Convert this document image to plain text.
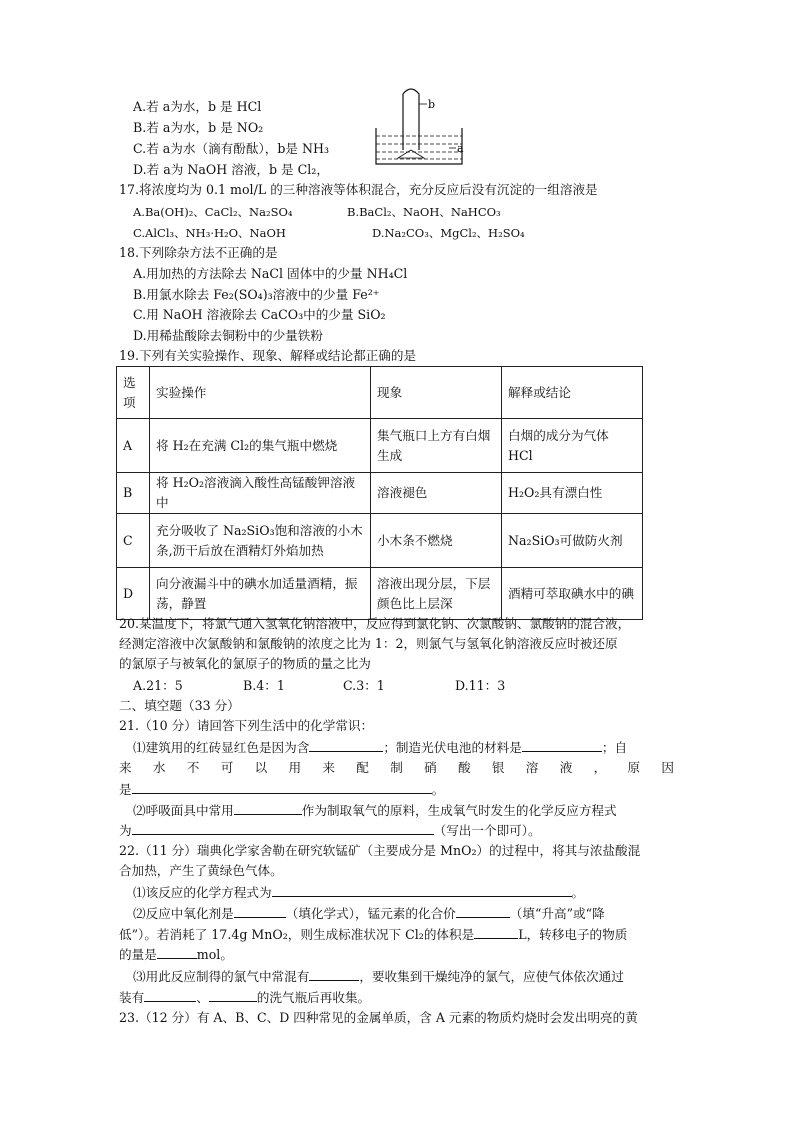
A.若 a为水，b 是 HCl
B.若 a为水，b 是 NO₂
C.若 a为水（滴有酚酞），b是 NH₃
D.若 a为 NaOH 溶液，b 是 Cl₂，
b
a
17.将浓度均为 0.1 mol/L 的三种溶液等体积混合，充分反应后没有沉淀的一组溶液是
A.Ba(OH)₂、CaCl₂、Na₂SO₄	B.BaCl₂、NaOH、NaHCO₃
C.AlCl₃、NH₃·H₂O、NaOH	D.Na₂CO₃、MgCl₂、H₂SO₄
18.下列除杂方法不正确的是
A.用加热的方法除去 NaCl 固体中的少量 NH₄Cl
B.用氯水除去 Fe₂(SO₄)₃溶液中的少量 Fe²⁺
C.用 NaOH 溶液除去 CaCO₃中的少量 SiO₂
D.用稀盐酸除去铜粉中的少量铁粉
19.下列有关实验操作、现象、解释或结论都正确的是
选项	实验操作	现象	解释或结论
A	将 H₂在充满 Cl₂的集气瓶中燃烧	集气瓶口上方有白烟生成	白烟的成分为气体 HCl
B	将 H₂O₂溶液滴入酸性高锰酸钾溶液中	溶液褪色	H₂O₂具有漂白性
C	充分吸收了 Na₂SiO₃饱和溶液的小木条,沥干后放在酒精灯外焰加热	小木条不燃烧	Na₂SiO₃可做防火剂
D	向分液漏斗中的碘水加适量酒精，振荡，静置	溶液出现分层，下层颜色比上层深	酒精可萃取碘水中的碘
20.某温度下，将氯气通入氢氧化钠溶液中，反应得到氯化钠、次氯酸钠、氯酸钠的混合液，
经测定溶液中次氯酸钠和氯酸钠的浓度之比为 1：2，则氯气与氢氧化钠溶液反应时被还原
的氯原子与被氧化的氯原子的物质的量之比为
A.21：5	B.4：1	C.3：1	D.11：3
二、填空题（33 分）
21.（10 分）请回答下列生活中的化学常识：
⑴建筑用的红砖显红色是因为含	；制造光伏电池的材料是	；自
来 水 不 可 以 用 来 配 制 硝 酸 银 溶 液 ， 原 因
是	。
⑵呼吸面具中常用	作为制取氧气的原料，生成氧气时发生的化学反应方程式
为	（写出一个即可）。
22.（11 分）瑞典化学家舍勒在研究软锰矿（主要成分是 MnO₂）的过程中，将其与浓盐酸混
合加热，产生了黄绿色气体。
⑴该反应的化学方程式为	。
⑵反应中氧化剂是	（填化学式），锰元素的化合价	（填“升高”或“降
低”）。若消耗了 17.4g MnO₂，则生成标准状况下 Cl₂的体积是	L，转移电子的物质
的量是	mol。
⑶用此反应制得的氯气中常混有	，要收集到干燥纯净的氯气，应使气体依次通过
装有	、	的洗气瓶后再收集。
23.（12 分）有 A、B、C、D 四种常见的金属单质，含 A 元素的物质灼烧时会发出明亮的黄
